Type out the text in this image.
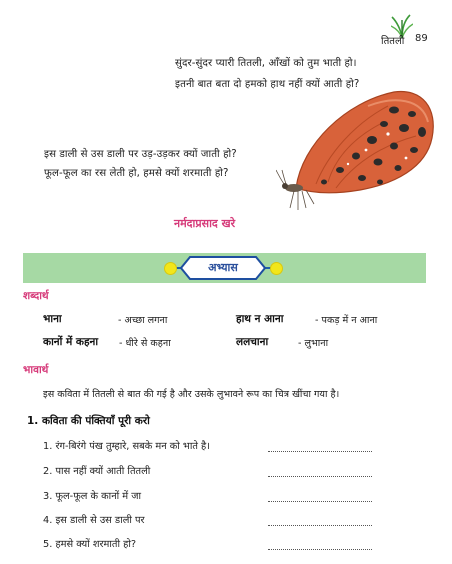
तितली 89
सुंदर-सुंदर प्यारी तितली, आँखों को तुम भाती हो।
इतनी बात बता दो हमको हाथ नहीं क्यों आती हो?
इस डाली से उस डाली पर उड़-उड़कर क्यों जाती हो?
फूल-फूल का रस लेती हो, हमसे क्यों शरमाती हो?
नर्मदाप्रसाद खरे
अभ्यास
शब्दार्थ
भाना	- अच्छा लगना	हाथ न आना	- पकड़ में न आना
कानों में कहना - धीरे से कहना	ललचाना	- लुभाना
भावार्थ
इस कविता में तितली से बात की गई है और उसके लुभावने रूप का चित्र खींचा गया है।
1. कविता की पंक्तियाँ पूरी करो
1. रंग-बिरंगे पंख तुम्हारे, सबके मन को भाते है।
2. पास नहीं क्यों आती तितली
3. फूल-फूल के कानों में जा
4. इस डाली से उस डाली पर
5. हमसे क्यों शरमाती हो?
